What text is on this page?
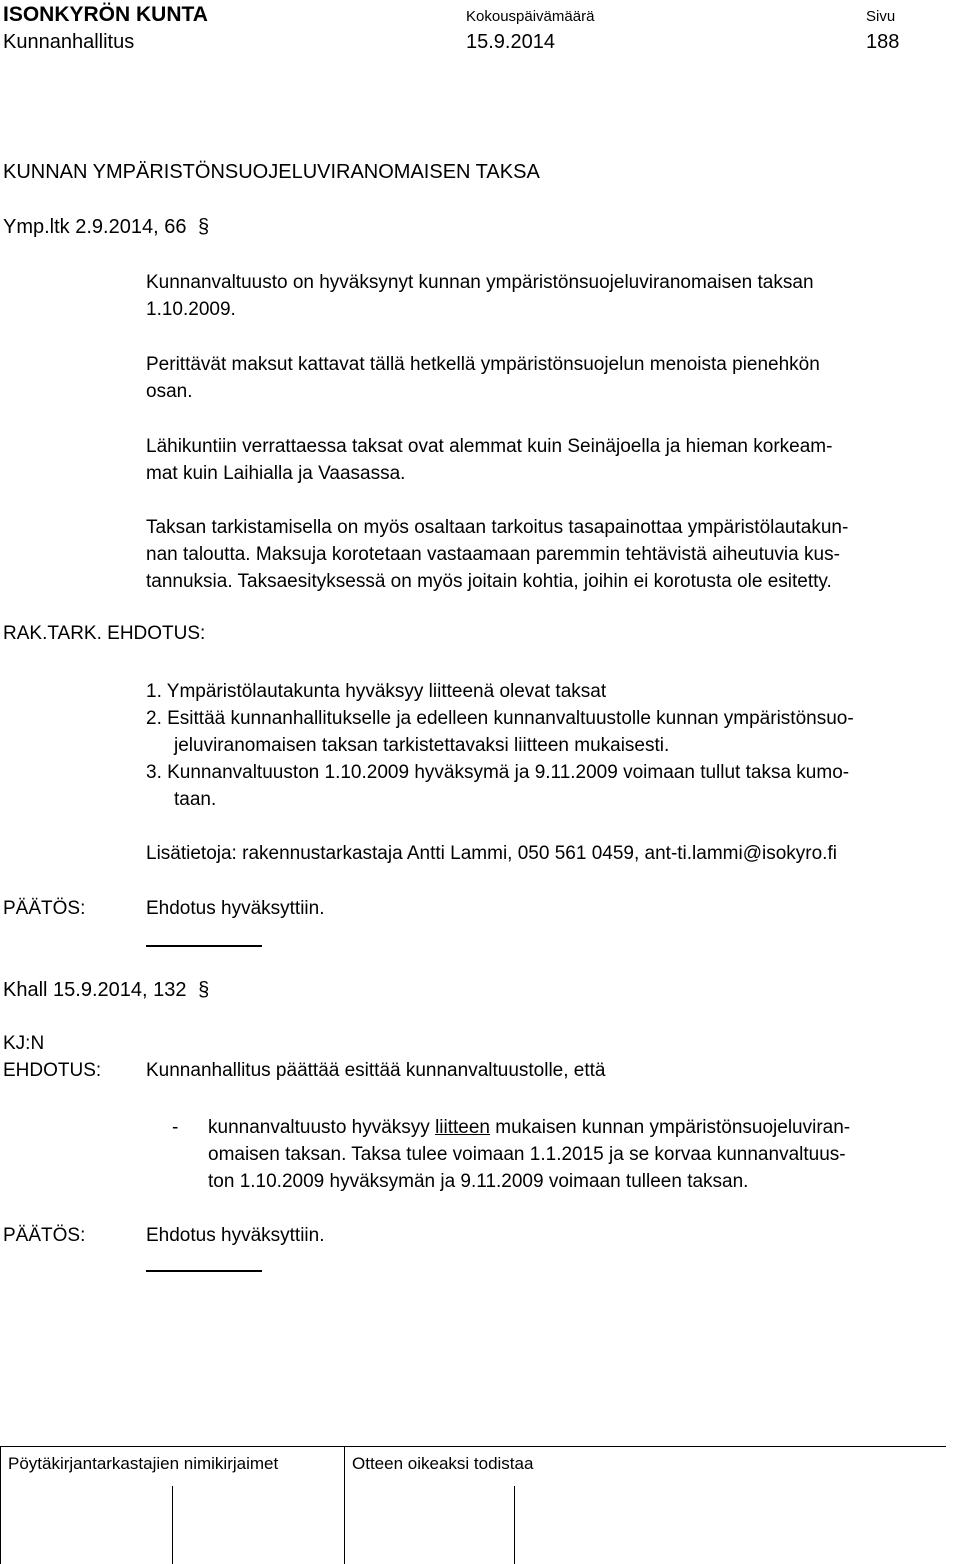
ISONKYRÖN KUNTA	Kokouspäivämäärä	Sivu
Kunnanhallitus	15.9.2014	188
KUNNAN YMPÄRISTÖNSUOJELUVIRANOMAISEN TAKSA
Ymp.ltk 2.9.2014, 66 §
Kunnanvaltuusto on hyväksynyt kunnan ympäristönsuojeluviranomaisen taksan
1.10.2009.
Perittävät maksut kattavat tällä hetkellä ympäristönsuojelun menoista pienehkön
osan.
Lähikuntiin verrattaessa taksat ovat alemmat kuin Seinäjoella ja hieman korkeam-
mat kuin Laihialla ja Vaasassa.
Taksan tarkistamisella on myös osaltaan tarkoitus tasapainottaa ympäristölautakun-
nan taloutta. Maksuja korotetaan vastaamaan paremmin tehtävistä aiheutuvia kus-
tannuksia. Taksaesityksessä on myös joitain kohtia, joihin ei korotusta ole esitetty.
RAK.TARK. EHDOTUS:
1. Ympäristölautakunta hyväksyy liitteenä olevat taksat
2. Esittää kunnanhallitukselle ja edelleen kunnanvaltuustolle kunnan ympäristönsuo-
jeluviranomaisen taksan tarkistettavaksi liitteen mukaisesti.
3. Kunnanvaltuuston 1.10.2009 hyväksymä ja 9.11.2009 voimaan tullut taksa kumo-
taan.
Lisätietoja: rakennustarkastaja Antti Lammi, 050 561 0459, ant-ti.lammi@isokyro.fi
PÄÄTÖS:	Ehdotus hyväksyttiin.
Khall 15.9.2014, 132 §
KJ:N
EHDOTUS: Kunnanhallitus päättää esittää kunnanvaltuustolle, että
- kunnanvaltuusto hyväksyy liitteen mukaisen kunnan ympäristönsuojeluviran-
omaisen taksan. Taksa tulee voimaan 1.1.2015 ja se korvaa kunnanvaltuus-
ton 1.10.2009 hyväksymän ja 9.11.2009 voimaan tulleen taksan.
PÄÄTÖS:	Ehdotus hyväksyttiin.
Pöytäkirjantarkastajien nimikirjaimet	Otteen oikeaksi todistaa
